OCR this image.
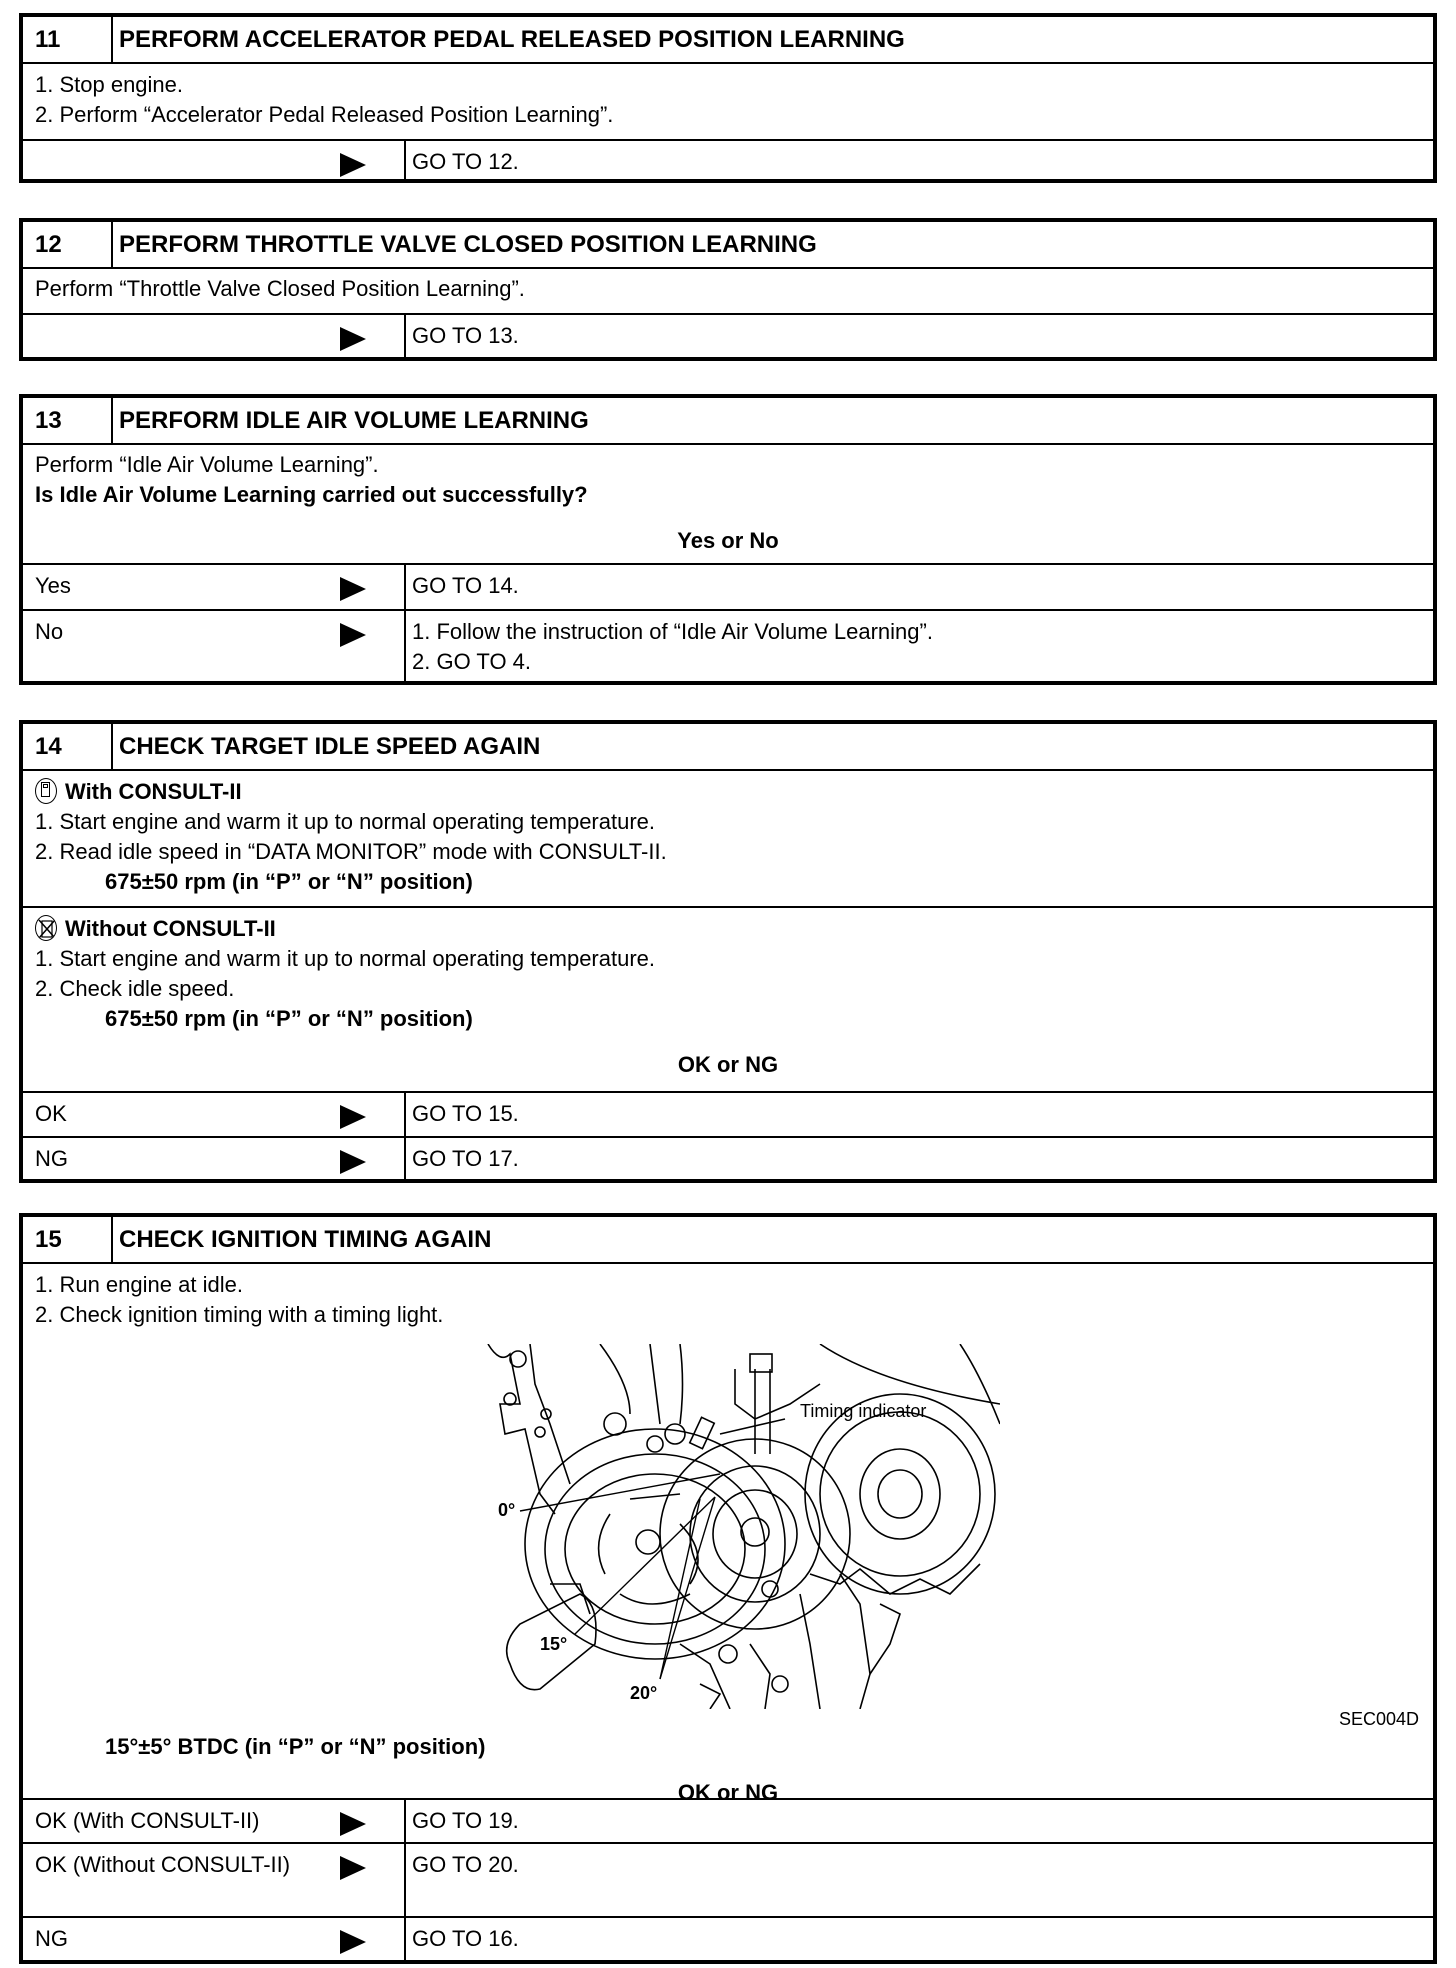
11	PERFORM ACCELERATOR PEDAL RELEASED POSITION LEARNING
1. Stop engine.
2. Perform “Accelerator Pedal Released Position Learning”.
GO TO 12.
12	PERFORM THROTTLE VALVE CLOSED POSITION LEARNING
Perform “Throttle Valve Closed Position Learning”.
GO TO 13.
13	PERFORM IDLE AIR VOLUME LEARNING
Perform “Idle Air Volume Learning”.
Is Idle Air Volume Learning carried out successfully?
Yes or No
Yes	GO TO 14.
No	1. Follow the instruction of “Idle Air Volume Learning”.
2. GO TO 4.
14	CHECK TARGET IDLE SPEED AGAIN
With CONSULT-II
1. Start engine and warm it up to normal operating temperature.
2. Read idle speed in “DATA MONITOR” mode with CONSULT-II.
675±50 rpm (in “P” or “N” position)
Without CONSULT-II
1. Start engine and warm it up to normal operating temperature.
2. Check idle speed.
675±50 rpm (in “P” or “N” position)
OK or NG
OK	GO TO 15.
NG	GO TO 17.
15	CHECK IGNITION TIMING AGAIN
1. Run engine at idle.
2. Check ignition timing with a timing light.
Timing indicator
0°
15°
20°
SEC004D
15°±5° BTDC (in “P” or “N” position)
OK or NG
OK (With CONSULT-II)	GO TO 19.
OK (Without CONSULT-II)	GO TO 20.
NG	GO TO 16.
